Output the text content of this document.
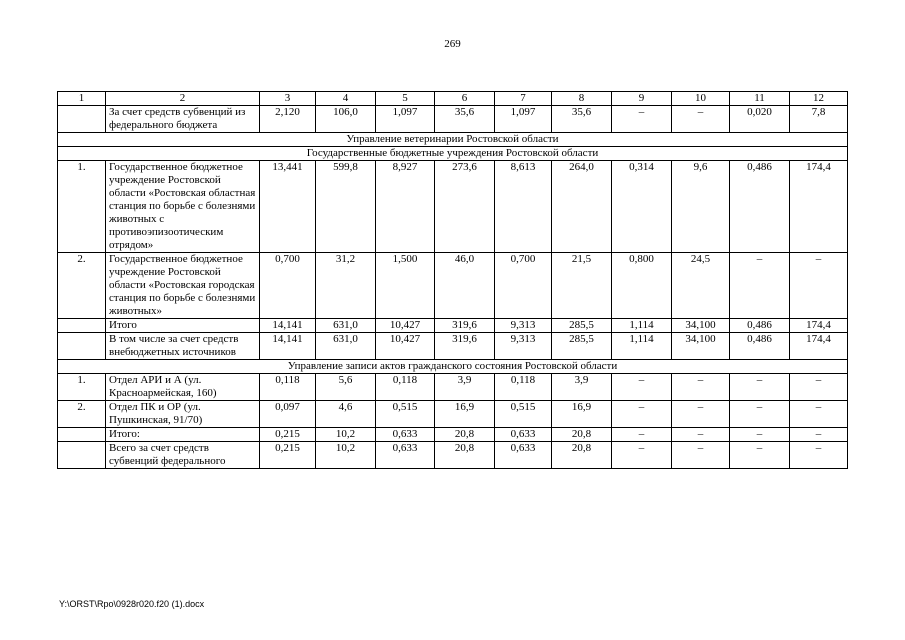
269
1	2	3	4	5	6	7	8	9	10	11	12
	За счет средств субвенций из федерального бюджета	2,120	106,0	1,097	35,6	1,097	35,6	–	–	0,020	7,8
Управление ветеринарии Ростовской области											
Государственные бюджетные учреждения Ростовской области											
1.	Государственное бюджетное учреждение Ростовской области «Ростовская областная станция по борьбе с болезнями животных с противоэпизоотическим отрядом»	13,441	599,8	8,927	273,6	8,613	264,0	0,314	9,6	0,486	174,4
2.	Государственное бюджетное учреждение Ростовской области «Ростовская городская станция по борьбе с болезнями животных»	0,700	31,2	1,500	46,0	0,700	21,5	0,800	24,5	–	–
	Итого	14,141	631,0	10,427	319,6	9,313	285,5	1,114	34,100	0,486	174,4
	В том числе за счет средств внебюджетных источников	14,141	631,0	10,427	319,6	9,313	285,5	1,114	34,100	0,486	174,4
Управление записи актов гражданского состояния Ростовской области											
1.	Отдел АРИ и А (ул. Красноармейская, 160)	0,118	5,6	0,118	3,9	0,118	3,9	–	–	–	–
2.	Отдел ПК и ОР (ул. Пушкинская, 91/70)	0,097	4,6	0,515	16,9	0,515	16,9	–	–	–	–
	Итого:	0,215	10,2	0,633	20,8	0,633	20,8	–	–	–	–
	Всего за счет средств субвенций федерального	0,215	10,2	0,633	20,8	0,633	20,8	–	–	–	–
Y:\ORST\Rpo\0928r020.f20 (1).docx
